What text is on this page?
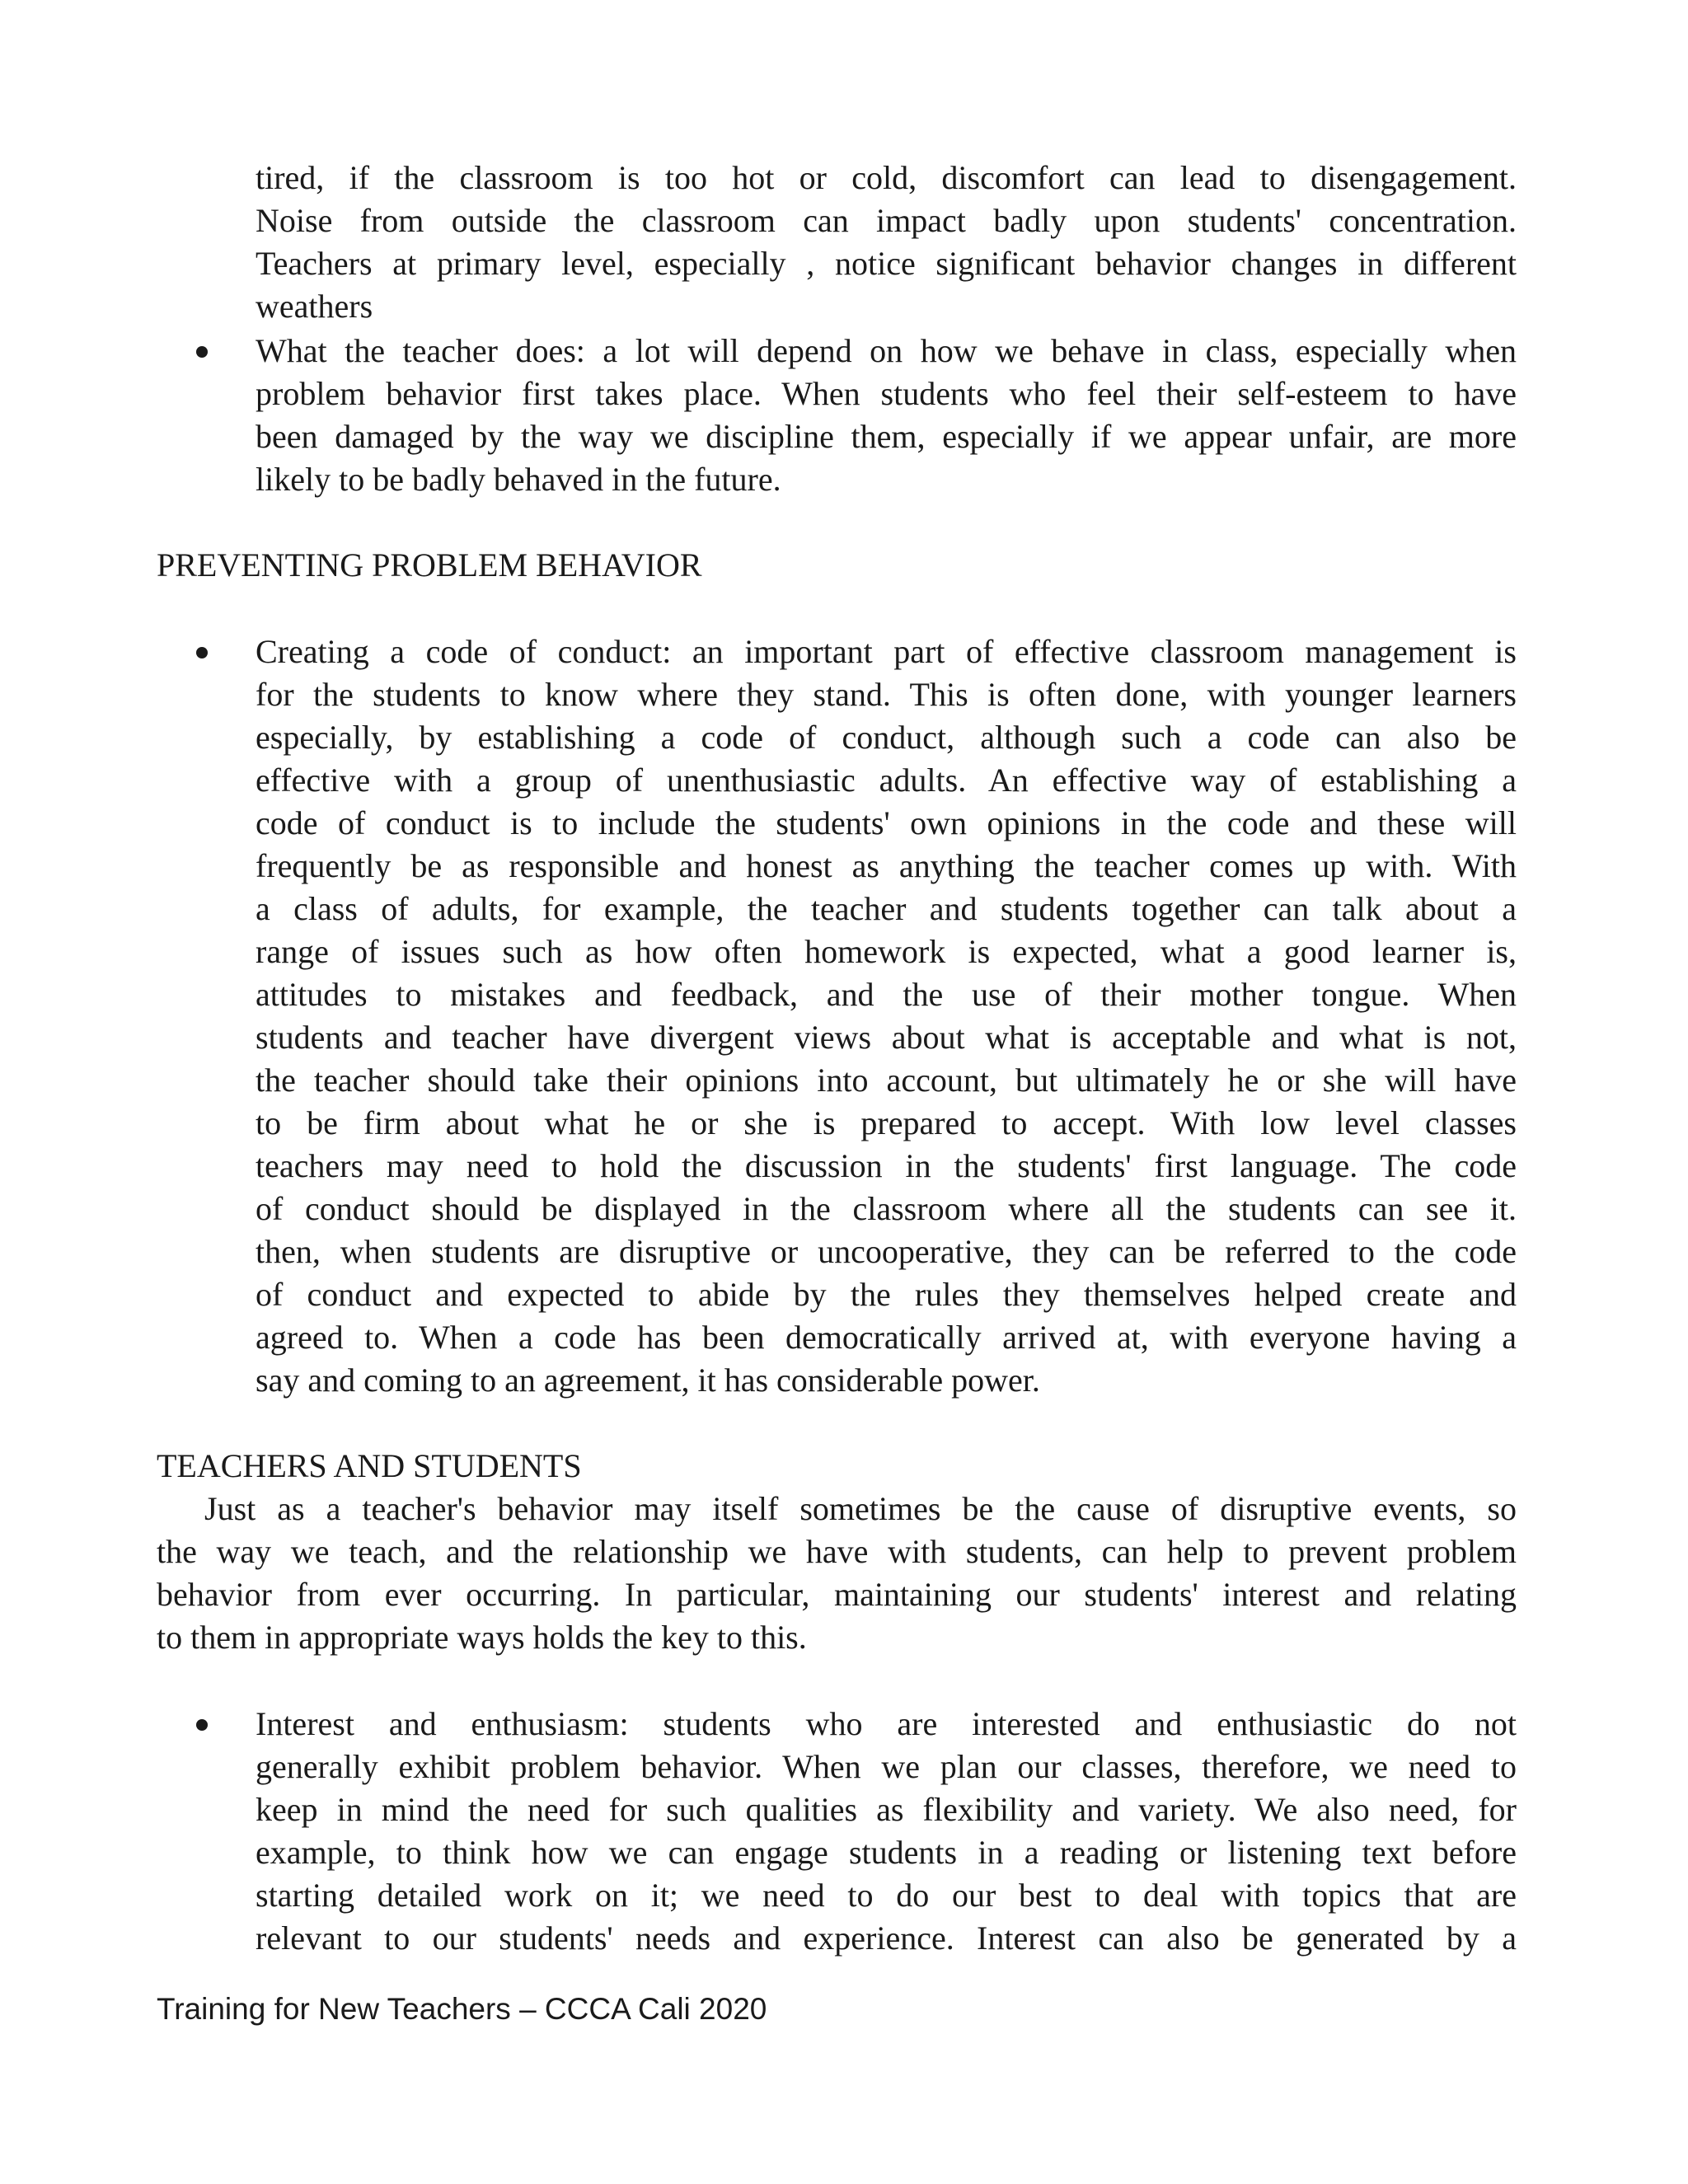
tired, if the classroom is too hot or cold, discomfort can lead to disengagement.

Noise from outside the classroom can impact badly upon students' concentration.

Teachers at primary level, especially , notice significant behavior changes in different

weathers

What the teacher does: a lot will depend on how we behave in class, especially when

problem behavior first takes place. When students who feel their self-esteem to have

been damaged by the way we discipline them, especially if we appear unfair, are more

likely to be badly behaved in the future.

PREVENTING PROBLEM BEHAVIOR

Creating a code of conduct: an important part of effective classroom management is

for the students to know where they stand. This is often done, with younger learners

especially, by establishing a code of conduct, although such a code can also be

effective with a group of unenthusiastic adults. An effective way of establishing a

code of conduct is to include the students' own opinions in the code and these will

frequently be as responsible and honest as anything the teacher comes up with. With

a class of adults, for example, the teacher and students together can talk about a

range of issues such as how often homework is expected, what a good learner is,

attitudes to mistakes and feedback, and the use of their mother tongue. When

students and teacher have divergent views about what is acceptable and what is not,

the teacher should take their opinions into account, but ultimately he or she will have

to be firm about what he or she is prepared to accept. With low level classes

teachers may need to hold the discussion in the students' first language. The code

of conduct should be displayed in the classroom where all the students can see it.

then, when students are disruptive or uncooperative, they can be referred to the code

of conduct and expected to abide by the rules they themselves helped create and

agreed to. When a code has been democratically arrived at, with everyone having a

say and coming to an agreement, it has considerable power.

TEACHERS AND STUDENTS

Just as a teacher's behavior may itself sometimes be the cause of disruptive events, so

the way we teach, and the relationship we have with students, can help to prevent problem

behavior from ever occurring. In particular, maintaining our students' interest and relating

to them in appropriate ways holds the key to this.

Interest and enthusiasm: students who are interested and enthusiastic do not

generally exhibit problem behavior. When we plan our classes, therefore, we need to

keep in mind the need for such qualities as flexibility and variety. We also need, for

example, to think how we can engage students in a reading or listening text before

starting detailed work on it; we need to do our best to deal with topics that are

relevant to our students' needs and experience. Interest can also be generated by a

Training for New Teachers – CCCA Cali 2020
